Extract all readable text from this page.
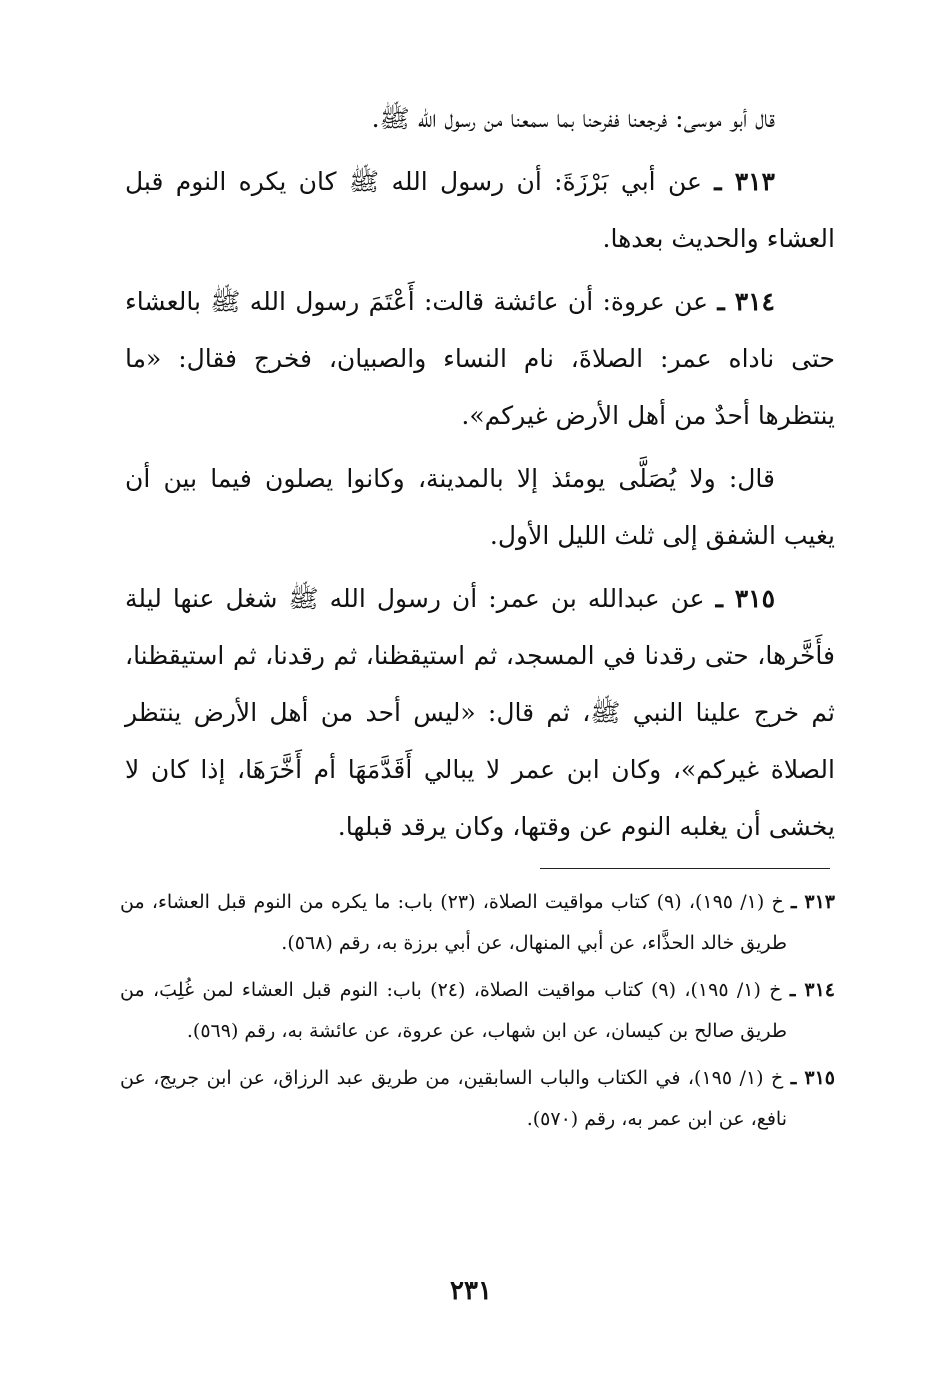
قال أبو موسى: فرجعنا ففرحنا بما سمعنا من رسول الله ﷺ.

٣١٣ ـ عن أبي بَرْزَةَ: أن رسول الله ﷺ كان يكره النوم قبل العشاء والحديث بعدها.

٣١٤ ـ عن عروة: أن عائشة قالت: أَعْتَمَ رسول الله ﷺ بالعشاء حتى ناداه عمر: الصلاةَ، نام النساء والصبيان، فخرج فقال: «ما ينتظرها أحدٌ من أهل الأرض غيركم».

قال: ولا يُصَلَّى يومئذ إلا بالمدينة، وكانوا يصلون فيما بين أن يغيب الشفق إلى ثلث الليل الأول.

٣١٥ ـ عن عبدالله بن عمر: أن رسول الله ﷺ شغل عنها ليلة فأَخَّرها، حتى رقدنا في المسجد، ثم استيقظنا، ثم رقدنا، ثم استيقظنا، ثم خرج علينا النبي ﷺ، ثم قال: «ليس أحد من أهل الأرض ينتظر الصلاة غيركم»، وكان ابن عمر لا يبالي أَقَدَّمَهَا أم أَخَّرَهَا، إذا كان لا يخشى أن يغلبه النوم عن وقتها، وكان يرقد قبلها.

٣١٣ ـ خ (١/ ١٩٥)، (٩) كتاب مواقيت الصلاة، (٢٣) باب: ما يكره من النوم قبل العشاء، من طريق خالد الحذَّاء، عن أبي المنهال، عن أبي برزة به، رقم (٥٦٨).

٣١٤ ـ خ (١/ ١٩٥)، (٩) كتاب مواقيت الصلاة، (٢٤) باب: النوم قبل العشاء لمن غُلِبَ، من طريق صالح بن كيسان، عن ابن شهاب، عن عروة، عن عائشة به، رقم (٥٦٩).

٣١٥ ـ خ (١/ ١٩٥)، في الكتاب والباب السابقين، من طريق عبد الرزاق، عن ابن جريج، عن نافع، عن ابن عمر به، رقم (٥٧٠).

٢٣١
